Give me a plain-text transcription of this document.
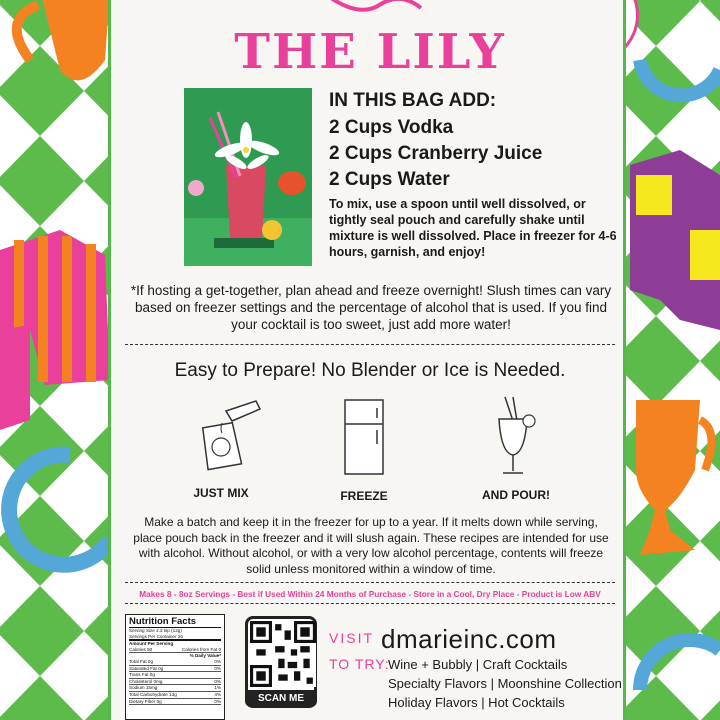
THE LILY
IN THIS BAG ADD:
2 Cups Vodka
2 Cups Cranberry Juice
2 Cups Water
To mix, use a spoon until well dissolved, or tightly seal pouch and carefully shake until mixture is well dissolved. Place in freezer for 4-6 hours, garnish, and enjoy!
*If hosting a get-together, plan ahead and freeze overnight! Slush times can vary based on freezer settings and the percentage of alcohol that is used. If you find your cocktail is too sweet, just add more water!
Easy to Prepare! No Blender or Ice is Needed.
JUST MIX	FREEZE	AND POUR!
Make a batch and keep it in the freezer for up to a year. If it melts down while serving, place pouch back in the freezer and it will slush again. These recipes are intended for use with alcohol. Without alcohol, or with a very low alcohol percentage, contents will freeze solid unless monitored within a window of time.
Makes 8 - 8oz Servings - Best if Used Within 24 Months of Purchase - Store in a Cool, Dry Place - Product is Low ABV
Nutrition Facts
Serving Size 2.3 tsp (12g)
Servings Per Container 26
Amount Per Serving
Calories 50	Calories from Fat 0
% Daily Value*
Total Fat 0g	0%
Saturated Fat 0g	0%
Trans Fat 0g
Cholesterol 0mg	0%
Sodium 15mg	1%
Total Carbohydrate 13g	4%
Dietary Fiber 0g	0%	SCAN ME
VISIT
TO TRY:
dmarieinc.com
Wine + Bubbly | Craft Cocktails
Specialty Flavors | Moonshine Collection
Holiday Flavors | Hot Cocktails
